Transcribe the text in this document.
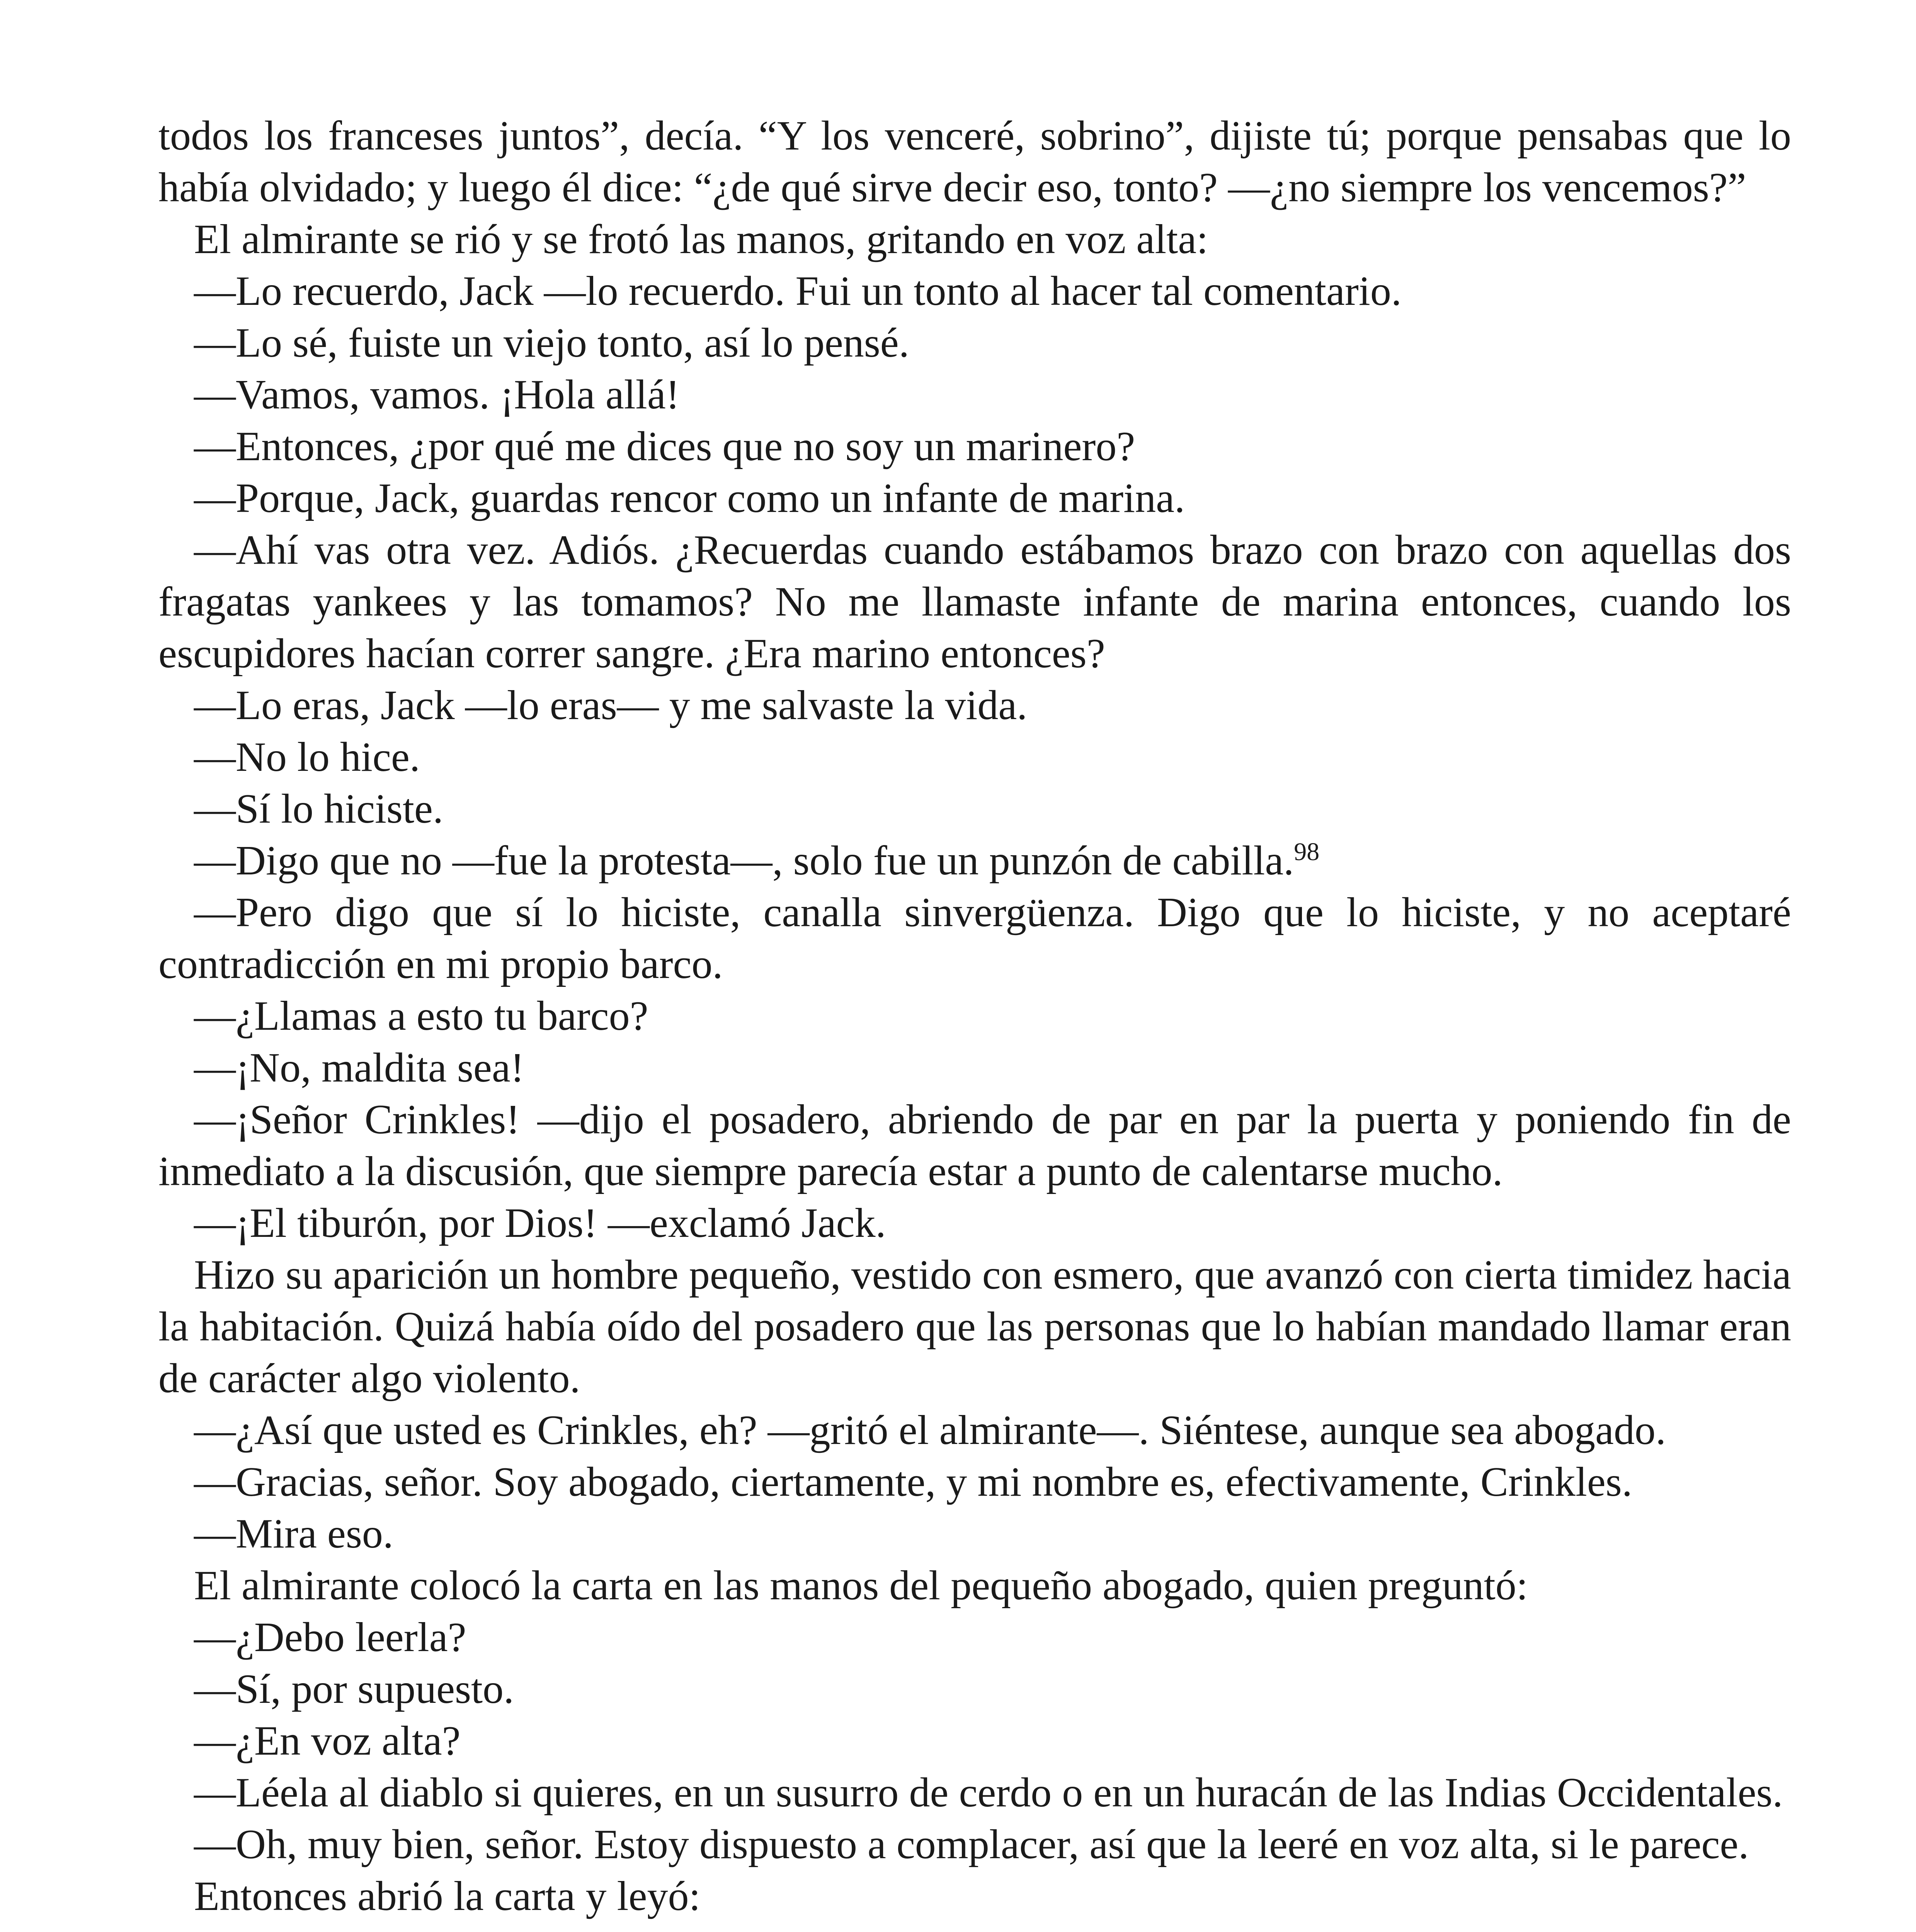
todos los franceses juntos”, decía. “Y los venceré, sobrino”, dijiste tú; porque pensabas que lo había olvidado; y luego él dice: “¿de qué sirve decir eso, tonto? —¿no siempre los vencemos?”

El almirante se rió y se frotó las manos, gritando en voz alta:

—Lo recuerdo, Jack —lo recuerdo. Fui un tonto al hacer tal comentario.

—Lo sé, fuiste un viejo tonto, así lo pensé.

—Vamos, vamos. ¡Hola allá!

—Entonces, ¿por qué me dices que no soy un marinero?

—Porque, Jack, guardas rencor como un infante de marina.

—Ahí vas otra vez. Adiós. ¿Recuerdas cuando estábamos brazo con brazo con aquellas dos fragatas yankees y las tomamos? No me llamaste infante de marina entonces, cuando los escupidores hacían correr sangre. ¿Era marino entonces?

—Lo eras, Jack —lo eras— y me salvaste la vida.

—No lo hice.

—Sí lo hiciste.

—Digo que no —fue la protesta—, solo fue un punzón de cabilla.$^{98}$

—Pero digo que sí lo hiciste, canalla sinvergüenza. Digo que lo hiciste, y no aceptaré contradicción en mi propio barco.

—¿Llamas a esto tu barco?

—¡No, maldita sea!

—¡Señor Crinkles! —dijo el posadero, abriendo de par en par la puerta y poniendo fin de inmediato a la discusión, que siempre parecía estar a punto de calentarse mucho.

—¡El tiburón, por Dios! —exclamó Jack.

Hizo su aparición un hombre pequeño, vestido con esmero, que avanzó con cierta timidez hacia la habitación. Quizá había oído del posadero que las personas que lo habían mandado llamar eran de carácter algo violento.

—¿Así que usted es Crinkles, eh? —gritó el almirante—. Siéntese, aunque sea abogado.

—Gracias, señor. Soy abogado, ciertamente, y mi nombre es, efectivamente, Crinkles.

—Mira eso.

El almirante colocó la carta en las manos del pequeño abogado, quien preguntó:

—¿Debo leerla?

—Sí, por supuesto.

—¿En voz alta?

—Léela al diablo si quieres, en un susurro de cerdo o en un huracán de las Indias Occidentales.

—Oh, muy bien, señor. Estoy dispuesto a complacer, así que la leeré en voz alta, si le parece.

Entonces abrió la carta y leyó:
